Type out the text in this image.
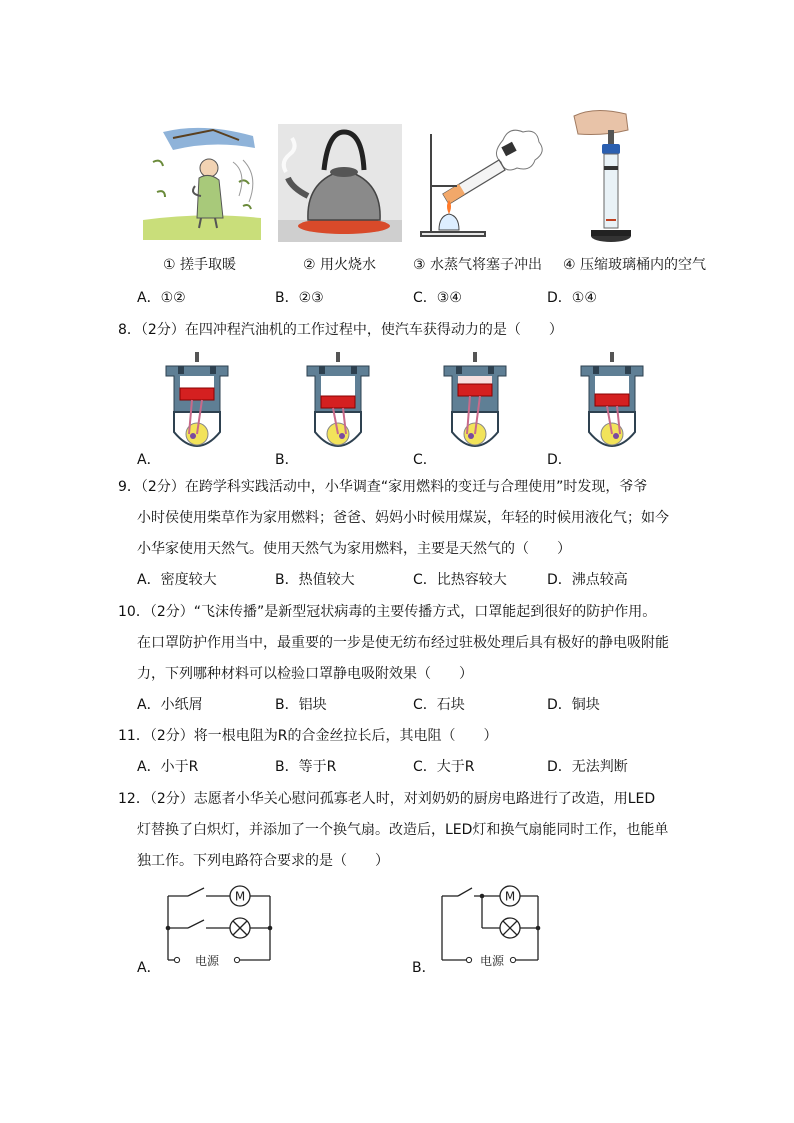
① 搓手取暖	② 用火烧水	③ 水蒸气将塞子冲出 ④ 压缩玻璃桶内的空气
A．①②	B．②③	C．③④	D．①④
8．（2分）在四冲程汽油机的工作过程中，使汽车获得动力的是（　　）
A．	B．	C．	D．
9．（2分）在跨学科实践活动中，小华调查“家用燃料的变迁与合理使用”时发现，爷爷
小时侯使用柴草作为家用燃料；爸爸、妈妈小时候用煤炭，年轻的时候用液化气；如今
小华家使用天然气。使用天然气为家用燃料，主要是天然气的（　　）
A．密度较大	B．热值较大	C．比热容较大	D．沸点较高
10．（2分）“飞沫传播”是新型冠状病毒的主要传播方式，口罩能起到很好的防护作用。
在口罩防护作用当中，最重要的一步是使无纺布经过驻极处理后具有极好的静电吸附能
力，下列哪种材料可以检验口罩静电吸附效果（　　）
A．小纸屑	B．铝块	C．石块	D．铜块
11．（2分）将一根电阻为R的合金丝拉长后，其电阻（　　）
A．小于R	B．等于R	C．大于R	D．无法判断
12．（2分）志愿者小华关心慰问孤寡老人时，对刘奶奶的厨房电路进行了改造，用LED
灯替换了白炽灯，并添加了一个换气扇。改造后，LED灯和换气扇能同时工作，也能单
独工作。下列电路符合要求的是（　　）
M
电源
A．
M
电源
B．
